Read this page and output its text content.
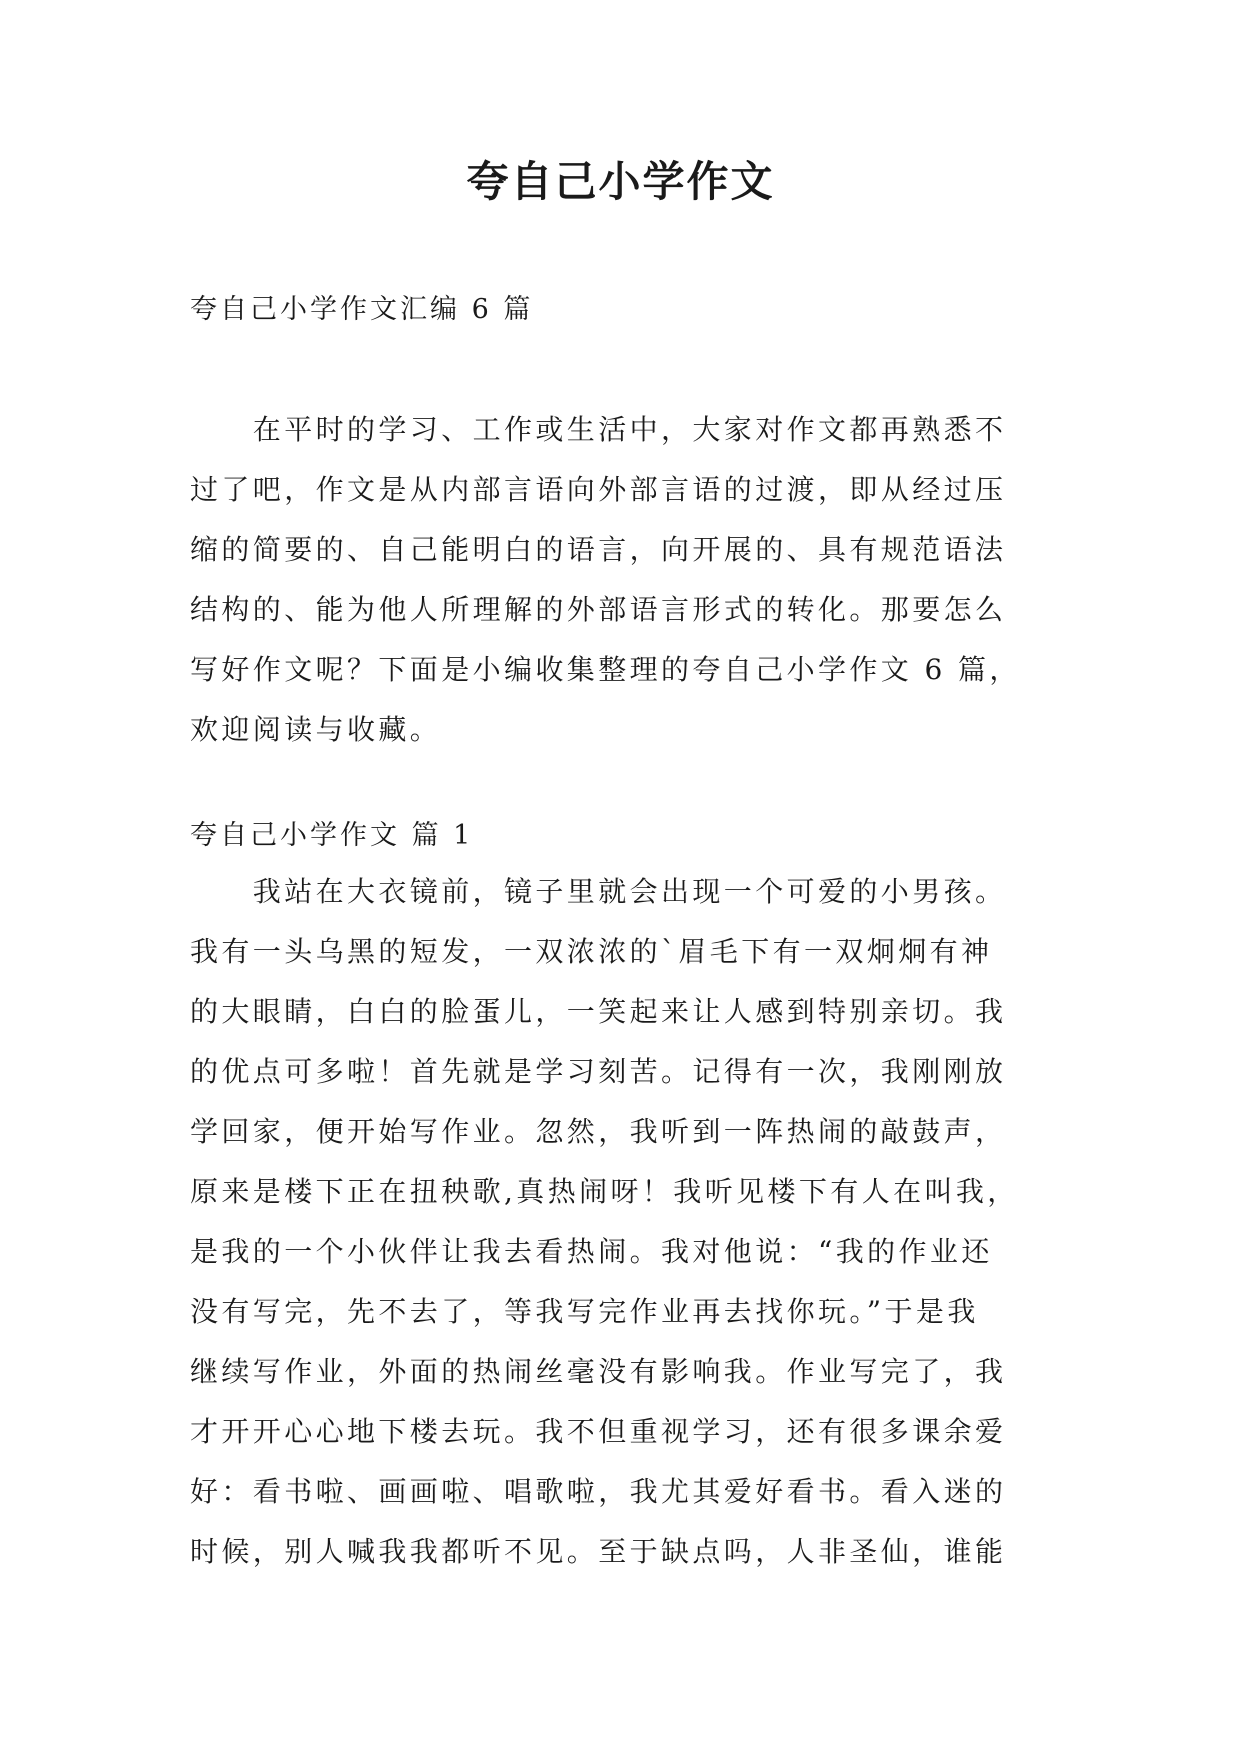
夸自己小学作文
夸自己小学作文汇编 6 篇
　　在平时的学习、工作或生活中，大家对作文都再熟悉不
过了吧，作文是从内部言语向外部言语的过渡，即从经过压
缩的简要的、自己能明白的语言，向开展的、具有规范语法
结构的、能为他人所理解的外部语言形式的转化。那要怎么
写好作文呢？下面是小编收集整理的夸自己小学作文 6 篇，
欢迎阅读与收藏。
夸自己小学作文 篇 1
　　我站在大衣镜前，镜子里就会出现一个可爱的小男孩。
我有一头乌黑的短发，一双浓浓的`眉毛下有一双炯炯有神
的大眼睛，白白的脸蛋儿，一笑起来让人感到特别亲切。我
的优点可多啦！首先就是学习刻苦。记得有一次，我刚刚放
学回家，便开始写作业。忽然，我听到一阵热闹的敲鼓声，
原来是楼下正在扭秧歌,真热闹呀！我听见楼下有人在叫我，
是我的一个小伙伴让我去看热闹。我对他说：“我的作业还
没有写完，先不去了，等我写完作业再去找你玩。”于是我
继续写作业，外面的热闹丝毫没有影响我。作业写完了，我
才开开心心地下楼去玩。我不但重视学习，还有很多课余爱
好：看书啦、画画啦、唱歌啦，我尤其爱好看书。看入迷的
时候，别人喊我我都听不见。至于缺点吗，人非圣仙，谁能
